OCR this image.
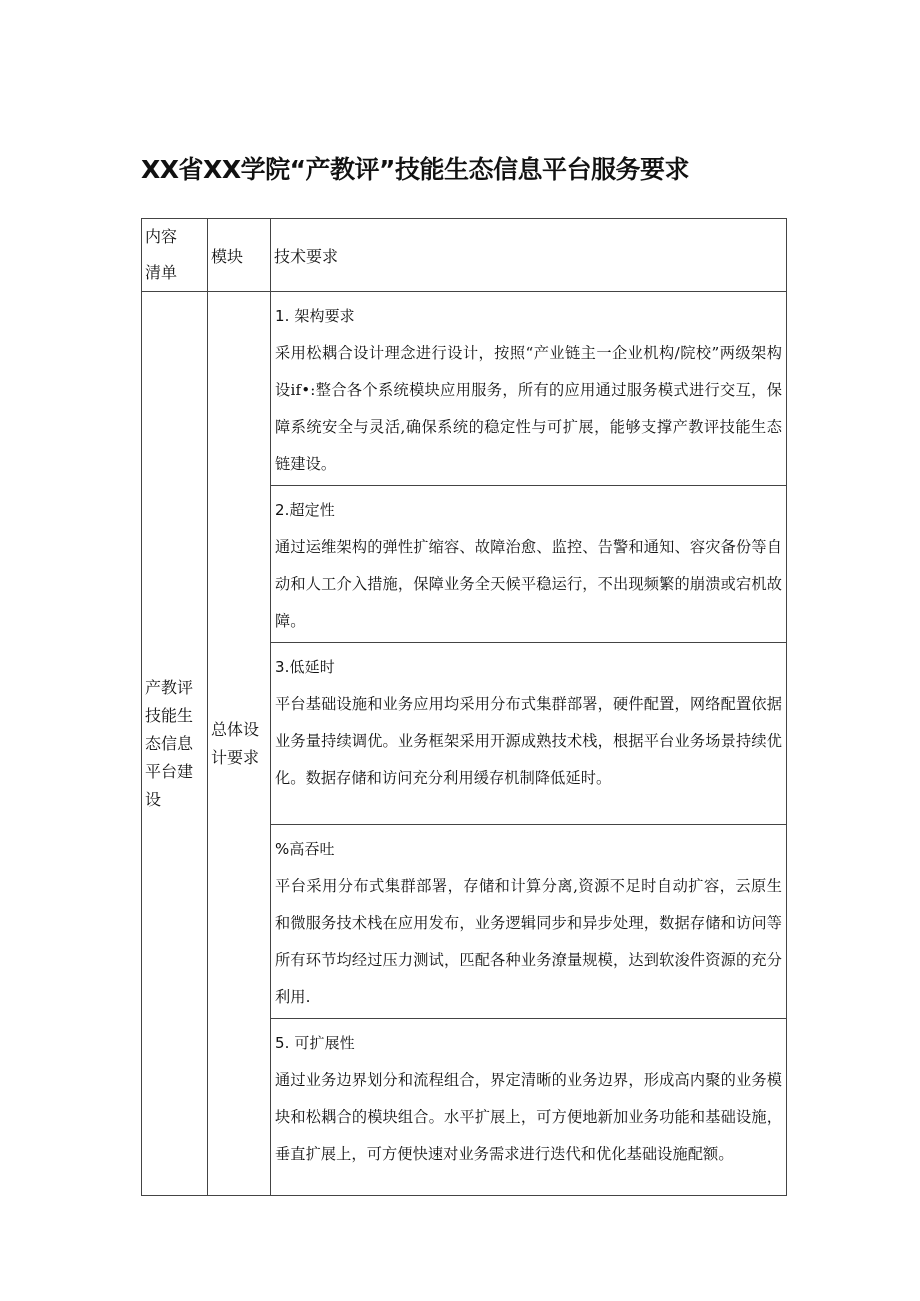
XX省XX学院“产教评”技能生态信息平台服务要求
内容
清单	模块	技术要求
产教评技能生态信息平台建设	总体设计要求	1. 架构要求
采用松耦合设计理念进行设计，按照“产业链主一企业机构/院校”两级架构设if•:整合各个系统模块应用服务，所有的应用通过服务模式进行交互，保障系统安全与灵活,确保系统的稳定性与可扩展，能够支撑产教评技能生态链建设。

		2.超定性
通过运维架构的弹性扩缩容、故障治愈、监控、告警和通知、容灾备份等自动和人工介入措施，保障业务全天候平稳运行，不出现频繁的崩溃或宕机故障。

		3.低延时
平台基础设施和业务应用均采用分布式集群部署，硬件配置，网络配置依据业务量持续调优。业务框架采用开源成熟技术栈，根据平台业务场景持续优化。数据存储和访问充分利用缓存机制降低延时。

		%高吞吐
平台采用分布式集群部署，存储和计算分离,资源不足时自动扩容，云原生和微服务技术栈在应用发布，业务逻辑同步和异步处理，数据存储和访问等所有环节均经过压力测试，匹配各种业务潦量规模，达到软浚件资源的充分利用.

		5. 可扩展性
通过业务边界划分和流程组合，界定清晰的业务边界，形成高内聚的业务模块和松耦合的模块组合。水平扩展上，可方便地新加业务功能和基础设施，垂直扩展上，可方便快速对业务需求进行迭代和优化基础设施配额。
